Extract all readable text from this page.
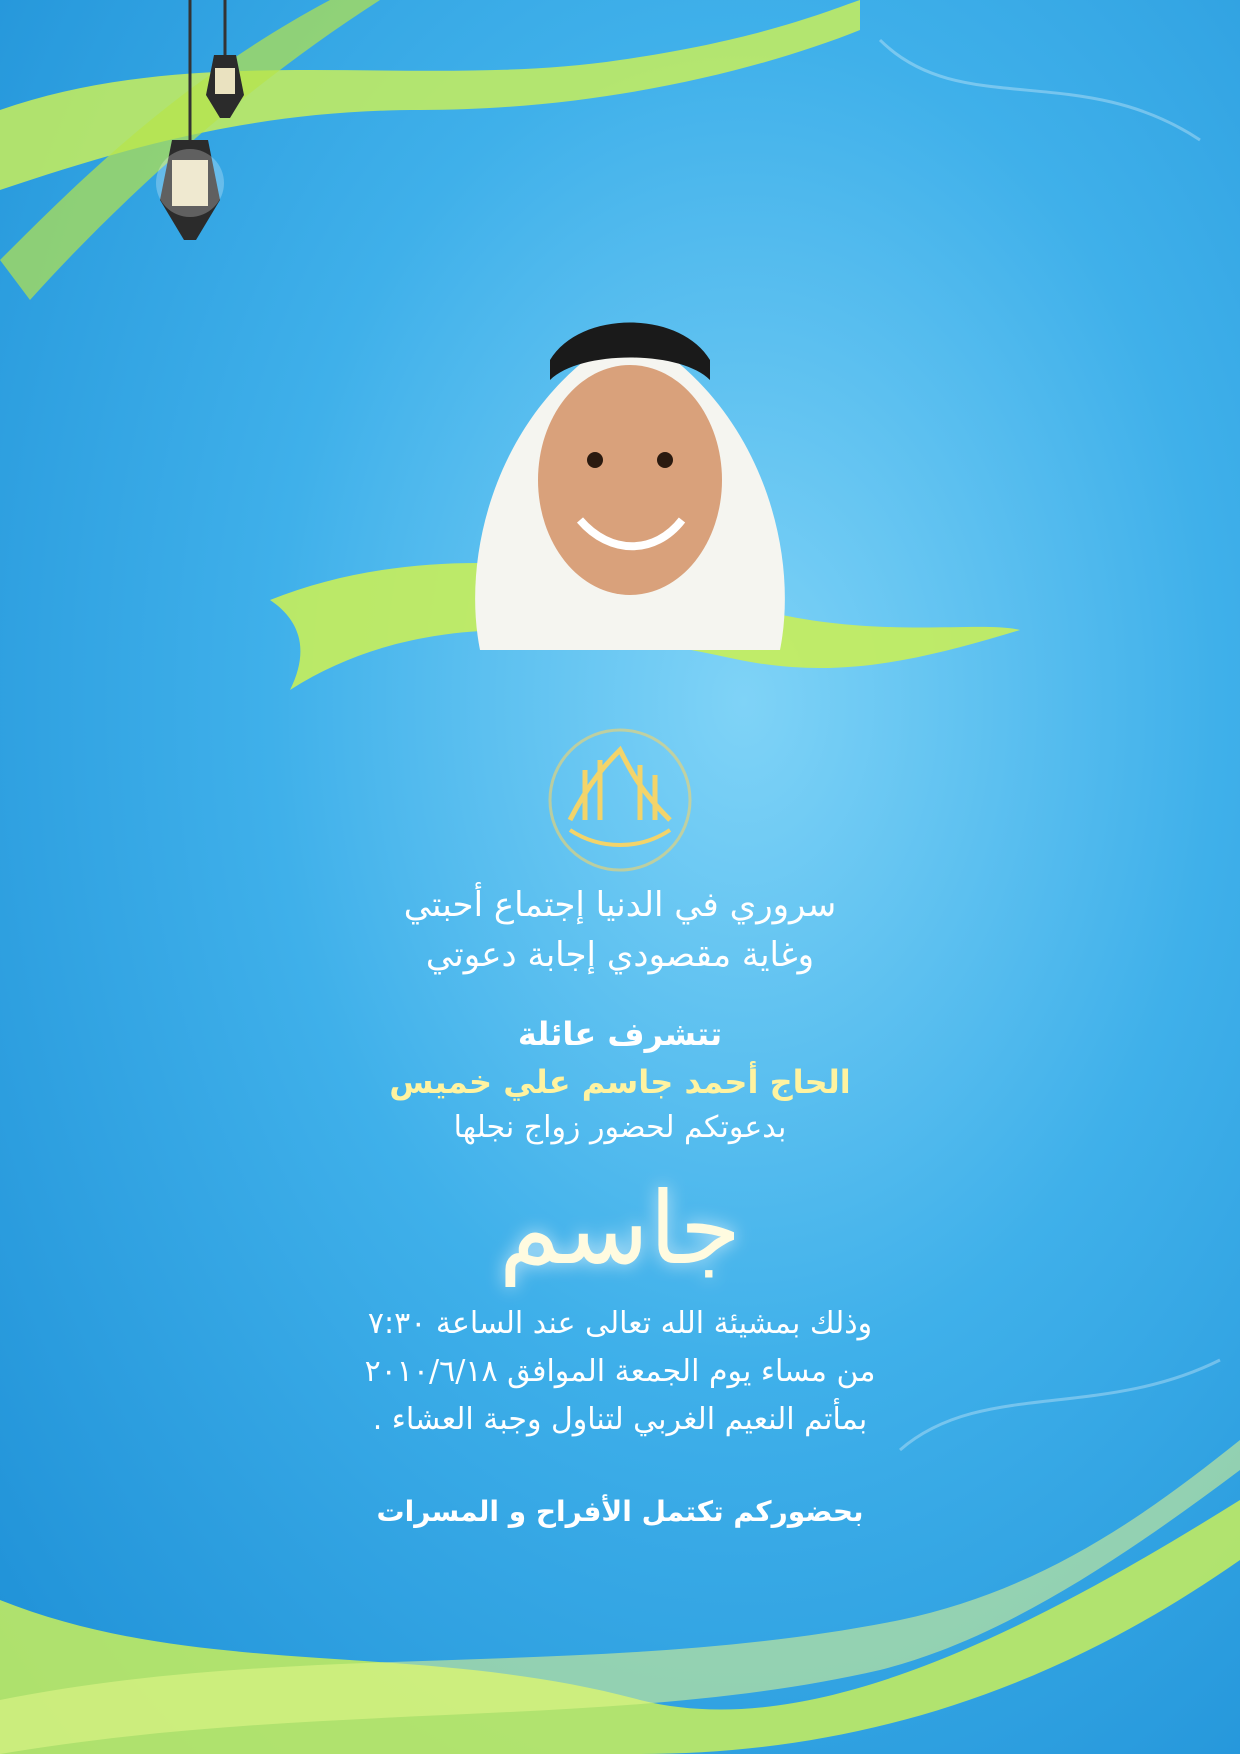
سروري في الدنيا إجتماع أحبتي
وغاية مقصودي إجابة دعوتي
تتشرف عائلة
الحاج أحمد جاسم علي خميس
بدعوتكم لحضور زواج نجلها
جاسم
وذلك بمشيئة الله تعالى عند الساعة ٧:٣٠
من مساء يوم الجمعة الموافق ٢٠١٠/٦/١٨
بمأتم النعيم الغربي لتناول وجبة العشاء .
بحضوركم تكتمل الأفراح و المسرات
